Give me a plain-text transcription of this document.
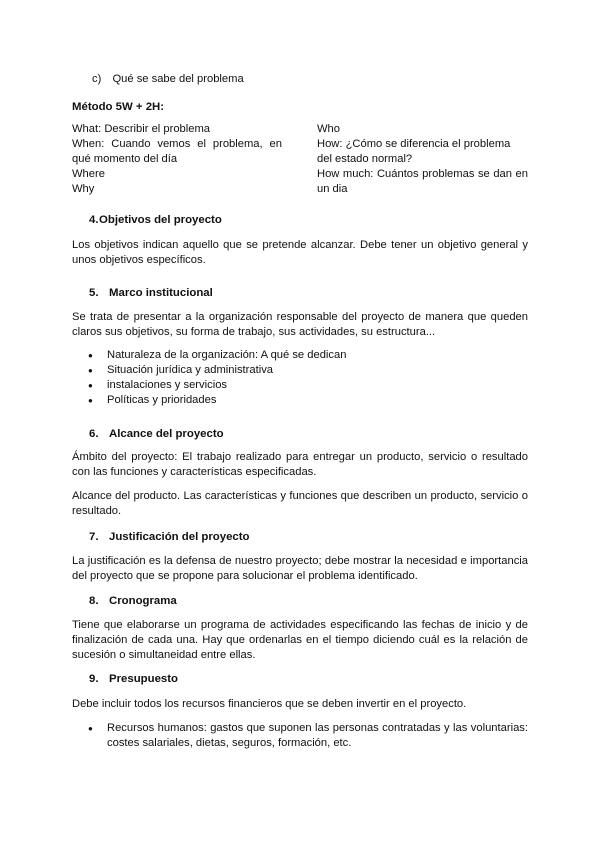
c) Qué se sabe del problema
Método 5W + 2H:
What: Describir el problema
When: Cuando vemos el problema, en qué momento del día
Where
Why
Who
How: ¿Cómo se diferencia el problema del estado normal?
How much: Cuántos problemas se dan en un dia
4.Objetivos del proyecto
Los objetivos indican aquello que se pretende alcanzar. Debe tener un objetivo general y unos objetivos específicos.
5. Marco institucional
Se trata de presentar a la organización responsable del proyecto de manera que queden claros sus objetivos, su forma de trabajo, sus actividades, su estructura...
● Naturaleza de la organización: A qué se dedican
● Situación jurídica y administrativa
● instalaciones y servicios
● Políticas y prioridades
6. Alcance del proyecto
Ámbito del proyecto: El trabajo realizado para entregar un producto, servicio o resultado con las funciones y características especificadas.
Alcance del producto. Las características y funciones que describen un producto, servicio o resultado.
7. Justificación del proyecto
La justificación es la defensa de nuestro proyecto; debe mostrar la necesidad e importancia del proyecto que se propone para solucionar el problema identificado.
8. Cronograma
Tiene que elaborarse un programa de actividades especificando las fechas de inicio y de finalización de cada una. Hay que ordenarlas en el tiempo diciendo cuál es la relación de sucesión o simultaneidad entre ellas.
9. Presupuesto
Debe incluir todos los recursos financieros que se deben invertir en el proyecto.
● Recursos humanos: gastos que suponen las personas contratadas y las voluntarias: costes salariales, dietas, seguros, formación, etc.
